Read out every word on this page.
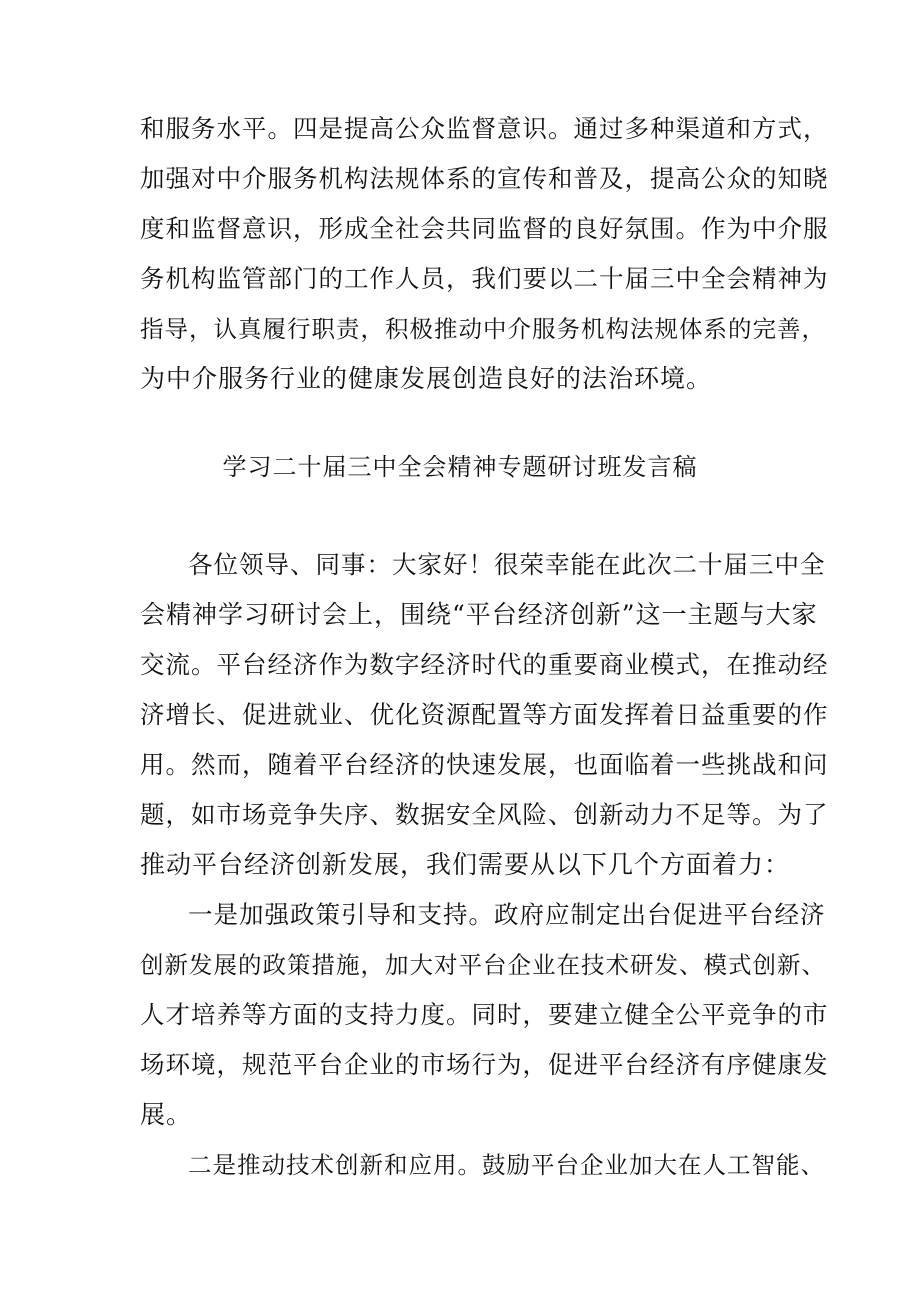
和服务水平。四是提高公众监督意识。通过多种渠道和方式，
加强对中介服务机构法规体系的宣传和普及，提高公众的知晓
度和监督意识，形成全社会共同监督的良好氛围。作为中介服
务机构监管部门的工作人员，我们要以二十届三中全会精神为
指导，认真履行职责，积极推动中介服务机构法规体系的完善，
为中介服务行业的健康发展创造良好的法治环境。
学习二十届三中全会精神专题研讨班发言稿
各位领导、同事：大家好！很荣幸能在此次二十届三中全
会精神学习研讨会上，围绕“平台经济创新”这一主题与大家
交流。平台经济作为数字经济时代的重要商业模式，在推动经
济增长、促进就业、优化资源配置等方面发挥着日益重要的作
用。然而，随着平台经济的快速发展，也面临着一些挑战和问
题，如市场竞争失序、数据安全风险、创新动力不足等。为了
推动平台经济创新发展，我们需要从以下几个方面着力：
一是加强政策引导和支持。政府应制定出台促进平台经济
创新发展的政策措施，加大对平台企业在技术研发、模式创新、
人才培养等方面的支持力度。同时，要建立健全公平竞争的市
场环境，规范平台企业的市场行为，促进平台经济有序健康发
展。
二是推动技术创新和应用。鼓励平台企业加大在人工智能、
